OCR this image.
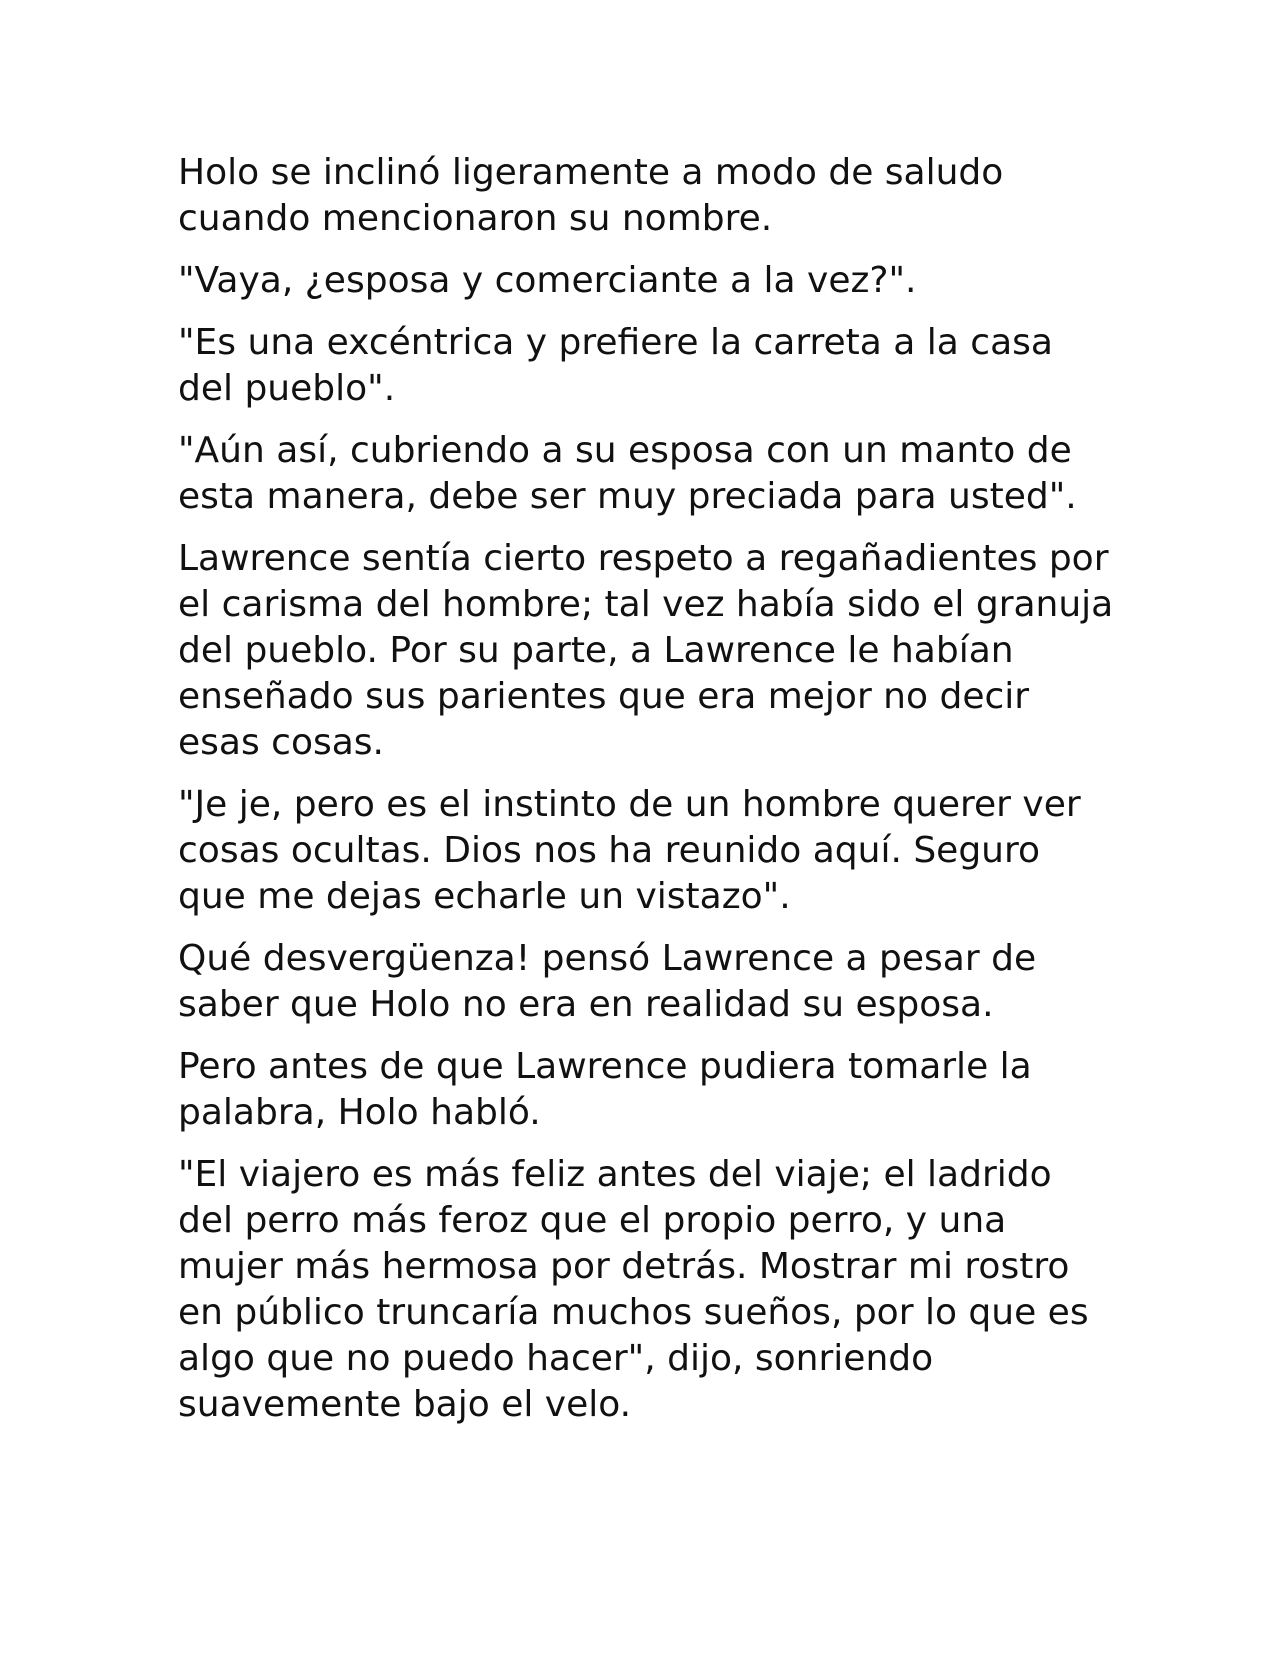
Holo se inclinó ligeramente a modo de saludo cuando mencionaron su nombre.

"Vaya, ¿esposa y comerciante a la vez?".

"Es una excéntrica y prefiere la carreta a la casa del pueblo".

"Aún así, cubriendo a su esposa con un manto de esta manera, debe ser muy preciada para usted".

Lawrence sentía cierto respeto a regañadientes por el carisma del hombre; tal vez había sido el granuja del pueblo. Por su parte, a Lawrence le habían enseñado sus parientes que era mejor no decir esas cosas.

"Je je, pero es el instinto de un hombre querer ver cosas ocultas. Dios nos ha reunido aquí. Seguro que me dejas echarle un vistazo".

Qué desvergüenza! pensó Lawrence a pesar de saber que Holo no era en realidad su esposa.

Pero antes de que Lawrence pudiera tomarle la palabra, Holo habló.

"El viajero es más feliz antes del viaje; el ladrido del perro más feroz que el propio perro, y una mujer más hermosa por detrás. Mostrar mi rostro en público truncaría muchos sueños, por lo que es algo que no puedo hacer", dijo, sonriendo suavemente bajo el velo.
